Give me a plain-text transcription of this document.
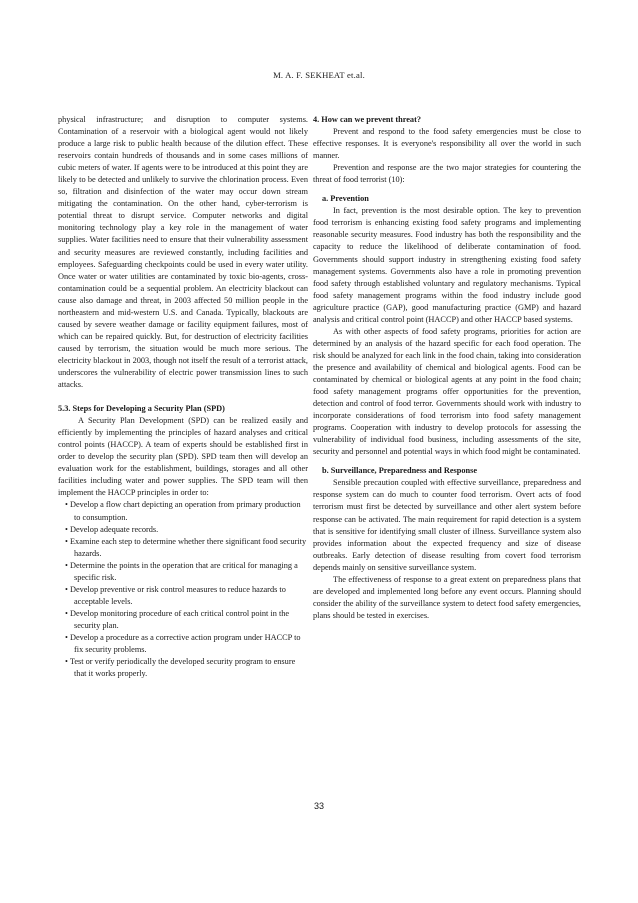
M. A. F. SEKHEAT et.al.

physical infrastructure; and disruption to computer systems. Contamination of a reservoir with a biological agent would not likely produce a large risk to public health because of the dilution effect. These reservoirs contain hundreds of thousands and in some cases millions of cubic meters of water. If agents were to be introduced at this point they are likely to be detected and unlikely to survive the chlorination process. Even so, filtration and disinfection of the water may occur down stream mitigating the contamination. On the other hand, cyber-terrorism is potential threat to disrupt service. Computer networks and digital monitoring technology play a key role in the management of water supplies. Water facilities need to ensure that their vulnerability assessment and security measures are reviewed constantly, including facilities and employees. Safeguarding checkpoints could be used in every water utility. Once water or water utilities are contaminated by toxic bio-agents, cross-contamination could be a sequential problem. An electricity blackout can cause also damage and threat, in 2003 affected 50 million people in the northeastern and mid-western U.S. and Canada. Typically, blackouts are caused by severe weather damage or facility equipment failures, most of which can be repaired quickly. But, for destruction of electricity facilities caused by terrorism, the situation would be much more serious. The electricity blackout in 2003, though not itself the result of a terrorist attack, underscores the vulnerability of electric power transmission lines to such attacks.

5.3. Steps for Developing a Security Plan (SPD)

A Security Plan Development (SPD) can be realized easily and efficiently by implementing the principles of hazard analyses and critical control points (HACCP). A team of experts should be established first in order to develop the security plan (SPD). SPD team then will develop an evaluation work for the establishment, buildings, storages and all other facilities including water and power supplies. The SPD team will then implement the HACCP principles in order to:

• Develop a flow chart depicting an operation from primary production to consumption.
• Develop adequate records.
• Examine each step to determine whether there significant food security hazards.
• Determine the points in the operation that are critical for managing a specific risk.
• Develop preventive or risk control measures to reduce hazards to acceptable levels.
• Develop monitoring procedure of each critical control point in the security plan.
• Develop a procedure as a corrective action program under HACCP to fix security problems.
• Test or verify periodically the developed security program to ensure that it works properly.

4. How can we prevent threat?

Prevent and respond to the food safety emergencies must be close to effective responses. It is everyone's responsibility all over the world in such manner.

Prevention and response are the two major strategies for countering the threat of food terrorist (10):

a. Prevention

In fact, prevention is the most desirable option. The key to prevention food terrorism is enhancing existing food safety programs and implementing reasonable security measures. Food industry has both the responsibility and the capacity to reduce the likelihood of deliberate contamination of food. Governments should support industry in strengthening existing food safety management systems. Governments also have a role in promoting prevention food safety through established voluntary and regulatory mechanisms. Typical food safety management programs within the food industry include good agriculture practice (GAP), good manufacturing practice (GMP) and hazard analysis and critical control point (HACCP) and other HACCP based systems.

As with other aspects of food safety programs, priorities for action are determined by an analysis of the hazard specific for each food operation. The risk should be analyzed for each link in the food chain, taking into consideration the presence and availability of chemical and biological agents. Food can be contaminated by chemical or biological agents at any point in the food chain; food safety management programs offer opportunities for the prevention, detection and control of food terror. Governments should work with industry to incorporate considerations of food terrorism into food safety management programs. Cooperation with industry to develop protocols for assessing the vulnerability of individual food business, including assessments of the site, security and personnel and potential ways in which food might be contaminated.

b. Surveillance, Preparedness and Response

Sensible precaution coupled with effective surveillance, preparedness and response system can do much to counter food terrorism. Overt acts of food terrorism must first be detected by surveillance and other alert system before response can be activated. The main requirement for rapid detection is a system that is sensitive for identifying small cluster of illness. Surveillance system also provides information about the expected frequency and size of disease outbreaks. Early detection of disease resulting from covert food terrorism depends mainly on sensitive surveillance system.

The effectiveness of response to a great extent on preparedness plans that are developed and implemented long before any event occurs. Planning should consider the ability of the surveillance system to detect food safety emergencies, plans should be tested in exercises.

33
